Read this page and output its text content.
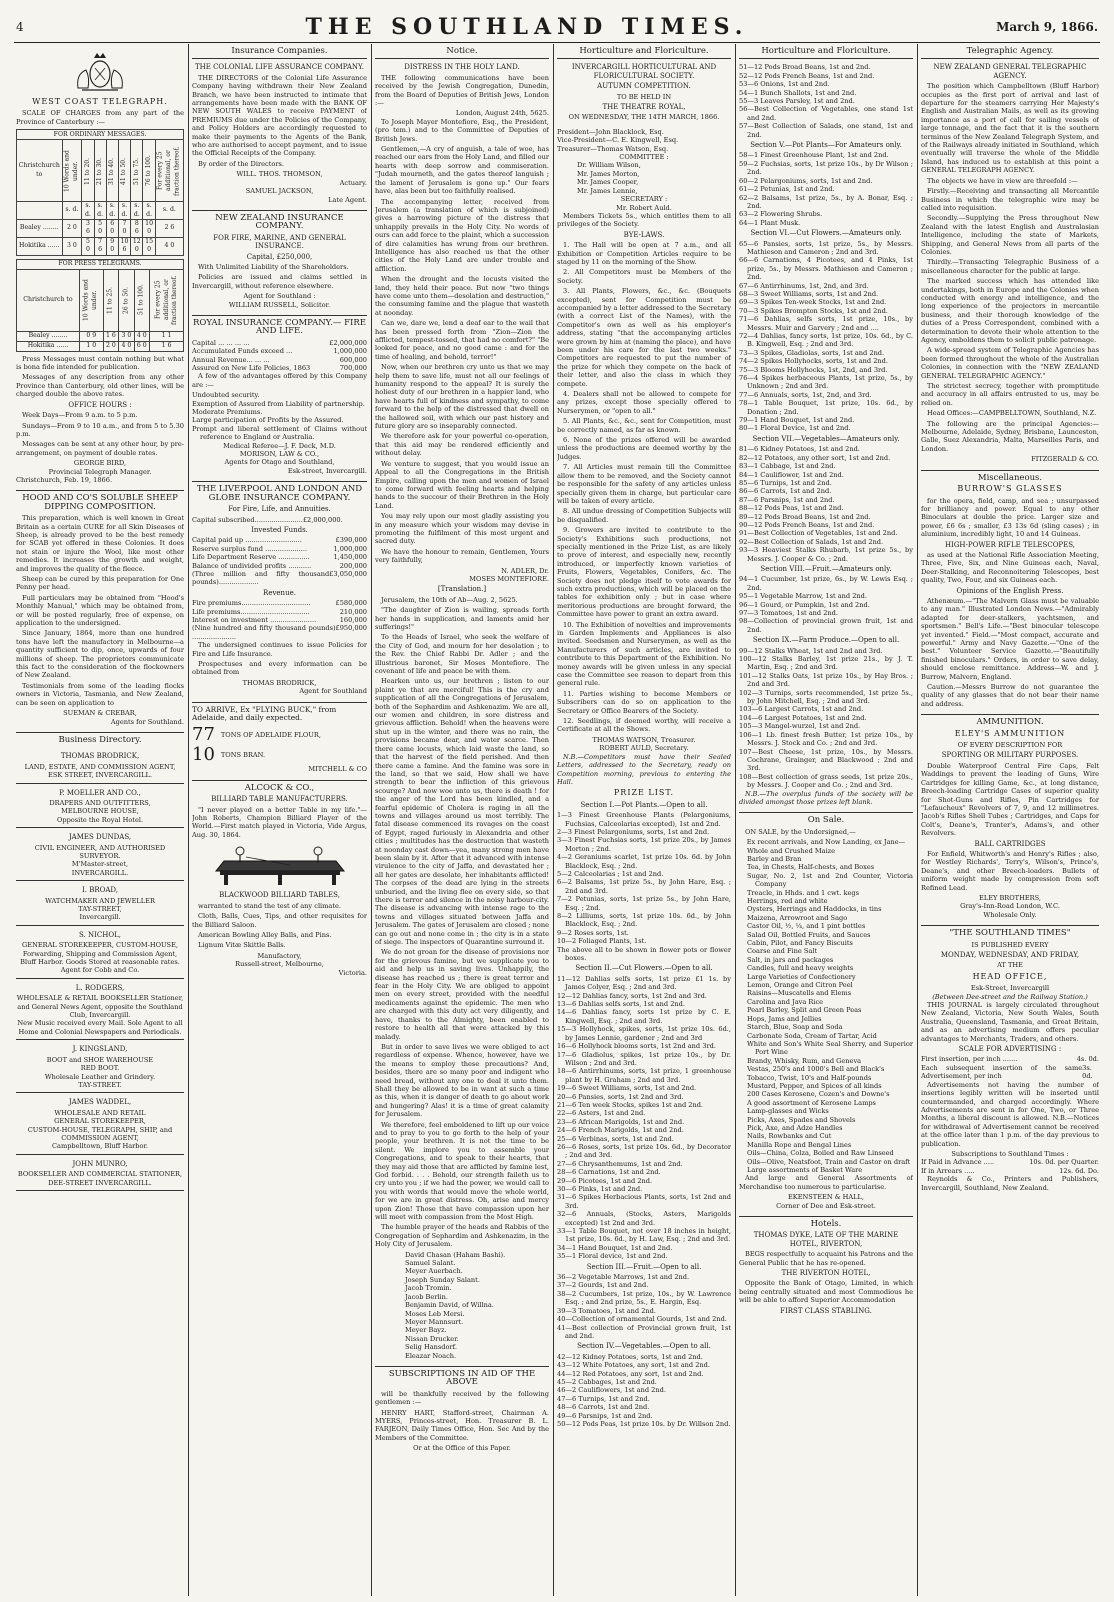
4	THE SOUTHLAND TIMES.	March 9, 1866.
WEST COAST TELEGRAPH.

SCALE OF CHARGES from any part of the Province of Canterbury :—

FOR ORDINARY MESSAGES.								
Christchurch to	10 Words and under.	11 to 20.	21 to 30.	31 to 40.	41 to 50.	51 to 75.	76 to 100.	For every 25 additional, or fraction thereof.
	s. d.	s. d.	s. d.	s. d.	s. d.	s. d.	s. d.	s. d.
Bealey ........	2 0	3 6	5 0	6 0	7 0	8 6	10 0	2 6
Hokitika ......	3 0	5 0	7 6	9 0	10 6	12 0	15 0	4 0
FOR PRESS TELEGRAMS.					
Christchurch to	10 Words and under.	11 to 25.	26 to 50.	51 to 100.	For every 25 additional, or fraction thereof.
Bealey ........	0 9	1 6	3 0	4 0	1 1
Hokitika ......	1 0	2 0	4 0	6 0	1 6

Press Messages must contain nothing but what is bona fide intended for publication.

Messages of any description from any other Province than Canterbury, old other lines, will be charged double the above rates.

OFFICE HOURS :

Week Days—From 9 a.m. to 5 p.m.

Sundays—From 9 to 10 a.m., and from 5 to 5.30 p.m.

Messages can be sent at any other hour, by pre-arrangement, on payment of double rates.

GEORGE BIRD,
Provincial Telegraph Manager.
Christchurch, Feb. 19, 1866.
HOOD AND CO'S SOLUBLE SHEEP DIPPING COMPOSITION.

This preparation, which is well known in Great Britain as a certain CURE for all Skin Diseases of Sheep, is already proved to be the best remedy for SCAB yet offered in these Colonies. It does not stain or injure the Wool, like most other remedies. It increases the growth and weight, and improves the quality of the fleece.

Sheep can be cured by this preparation for One Penny per head.

Full particulars may be obtained from "Hood's Monthly Manual," which may be obtained from, or will be posted regularly, free of expense, on application to the undersigned.

Since January, 1864, more than one hundred tons have left the manufactory in Melbourne—a quantity sufficient to dip, once, upwards of four millions of sheep. The proprietors communicate this fact to the consideration of the flockowners of New Zealand.

Testimonials from some of the leading flocks owners in Victoria, Tasmania, and New Zealand, can be seen on application to

SUEMAN & CREBAR,
Agents for Southland.
Business Directory.
THOMAS BRODRICK,
LAND, ESTATE, AND COMMISSION AGENT,
ESK STREET, INVERCARGILL.
P. MOELLER AND CO.,
DRAPERS AND OUTFITTERS,
MELBOURNE HOUSE,
Opposite the Royal Hotel.
JAMES DUNDAS,
CIVIL ENGINEER, AND AUTHORISED SURVEYOR.
M'Master-street,
INVERCARGILL.
I. BROAD,
WATCHMAKER AND JEWELLER
TAY-STREET,
Invercargill.
S. NICHOL,
GENERAL STOREKEEPER, CUSTOM-HOUSE, Forwarding, Shipping and Commission Agent, Bluff Harbor. Goods Stored at reasonable rates. Agent for Cobb and Co.
L. RODGERS,
WHOLESALE & RETAIL BOOKSELLER Stationer, and General News Agent, opposite the Southland Club, Invercargill.
New Music received every Mail. Sole Agent to all Home and Colonial Newspapers and Periodicals.
J. KINGSLAND,
BOOT and SHOE WAREHOUSE
RED BOOT.
Wholesale Leather and Grindery.
TAY-STREET.
JAMES WADDEL,
WHOLESALE AND RETAIL
GENERAL STOREKEEPER,
CUSTOM-HOUSE, TELEGRAPH, SHIP, and COMMISSION AGENT,
Campbelltown, Bluff Harbor.
JOHN MUNRO,
BOOKSELLER AND COMMERCIAL STATIONER,
DEE-STREET INVERCARGILL.
Insurance Companies.
THE COLONIAL LIFE ASSURANCE COMPANY.

THE DIRECTORS of the Colonial Life Assurance Company having withdrawn their New Zealand Branch, we have been instructed to intimate that arrangements have been made with the BANK OF NEW SOUTH WALES to receive PAYMENT of PREMIUMS due under the Policies of the Company, and Policy Holders are accordingly requested to make their payments to the Agents of the Bank, who are authorised to accept payment, and to issue the Official Receipts of the Company.

By order of the Directors.

WILL. THOS. THOMSON,
Actuary.
SAMUEL JACKSON,
Late Agent.
NEW ZEALAND INSURANCE COMPANY.
FOR FIRE, MARINE, AND GENERAL INSURANCE.
Capital, £250,000,

With Unlimited Liability of the Shareholders.

Policies are issued and claims settled in Invercargill, without reference elsewhere.

Agent for Southland :
WILLIAM RUSSELL, Solicitor.
ROYAL INSURANCE COMPANY.— FIRE AND LIFE.
Capital ... ... ... ...	£2,000,000
Accumulated Funds exceed ...	1,000,000
Annual Revenue... ... ...	600,000
Assured on New Life Policies, 1863	700,000

A few of the advantages offered by this Company are :—

Undoubted security.
Exemption of Assured from Liability of partnership.
Moderate Premiums.
Large participation of Profits by the Assured.
Prompt and liberal settlement of Claims without reference to England or Australia.
Medical Referee—J. F. Deck, M.D.
MORISON, LAW & CO.,
Agents for Otago and Southland,
Esk-street, Invercargill.
THE LIVERPOOL AND LONDON AND GLOBE INSURANCE COMPANY.
For Fire, Life, and Annuities.
Capital subscribed.......................£2,000,000.
Invested Funds.
Capital paid up ...........................	£390,000
Reserve surplus fund ....................	1,000,000
Life Department Reserve ...............	1,450,000
Balance of undivided profits ...........	200,000
(Three million and fifty thousand pounds)...................
£3,050,000
Revenue.
Fire premiums.................................	£580,000
Life premiums.................................	210,000
Interest on investment ......................	160,000
(Nine hundred and fifty thousand pounds) .....................
£950,000

The undersigned continues to issue Policies for Fire and Life Insurance.

Prospectuses and every information can be obtained from

THOMAS BRODRICK,
Agent for Southland
TO ARRIVE, Ex "FLYING BUCK," from Adelaide, and daily expected.
77 TONS OF ADELAIDE FLOUR,
10 TONS BRAN.
MITCHELL & CO
ALCOCK & CO.,
BILLIARD TABLE MANUFACTURERS.

"I never played on a better Table in my life."—John Roberts, Champion Billiard Player of the World.—First match played in Victoria, Vide Argus, Aug. 30, 1864.

BLACKWOOD BILLIARD TABLES,

warranted to stand the test of any climate.

Cloth, Balls, Cues, Tips, and other requisites for the Billiard Saloon.

American Bowling Alley Balls, and Pins.

Lignum Vitæ Skittle Balls.

Manufactory,
Russell-street, Melbourne,
Victoria.
Notice.
DISTRESS IN THE HOLY LAND.

THE following communications have been received by the Jewish Congregation, Dunedin, from the Board of Deputies of British Jews, London :—

London, August 24th, 5625.

To Joseph Mayer Montefiore, Esq., the President, (pro tem.) and to the Committee of Deputies of British Jews.

Gentlemen,—A cry of anguish, a tale of woe, has reached our ears from the Holy Land, and filled our hearts with deep sorrow and commiseration. "Judah mourneth, and the gates thereof languish ; the lament of Jerusalem is gone up." Our fears have, alas been but too faithfully realised.

The accompanying letter, received from Jerusalem (a translation of which is subjoined) gives a harrowing picture of the distress that unhappily prevails in the Holy City. No words of ours can add force to the plaint, which a succession of dire calamities has wrung from our brethren. Intelligence has also reached us that the other cities of the Holy Land are under trouble and affliction.

When the drought and the locusts visited the land, they held their peace. But now "two things have come unto them—desolation and destruction," the consuming famine and the plague that wasteth at noonday.

Can we, dare we, lend a deaf ear to the wail that has been pressed forth from "Zion—Zion the afflicted, tempest-tossed, that had no comfort?" "Be looked for peace, and no good came : and for the time of healing, and behold, terror!"

Now, when our brethren cry unto us that we may help them to save life, must not all our feelings of humanity respond to the appeal? It is surely the holiest duty of our brethren in a happier land, who have hearts full of kindness and sympathy, to come forward to the help of the distressed that dwell on the hallowed soil, with which our past history and future glory are so inseparably connected.

We therefore ask for your powerful co-operation, that this aid may be rendered efficiently and without delay.

We venture to suggest, that you would issue an Appeal to all the Congregations in the British Empire, calling upon the men and women of Israel to come forward with feeling hearts and helping hands to the succour of their Brethren in the Holy Land.

You may rely upon our most gladly assisting you in any measure which your wisdom may devise in promoting the fulfilment of this most urgent and sacred duty.

We have the honour to remain, Gentlemen, Yours very faithfully,

N. ADLER, Dr.
MOSES MONTEFIORE.
[Translation.]

Jerusalem, the 10th of Ab—Aug. 2, 5625.

"The daughter of Zion is wailing, spreads forth her hands in supplication, and laments amid her sufferings!"

To the Heads of Israel, who seek the welfare of the City of God, and mourn for her desolation ; to the Rev. the Chief Rabbi Dr. Adler ; and the illustrious baronet, Sir Moses Montefiore. The covenant of life and peace be with them.

Hearken unto us, our brethren ; listen to our plaint ye that are merciful! This is the cry and supplication of all the Congregations of Jerusalem, both of the Sephardim and Ashkenazim. We are all, our women and children, in sore distress and grievous affliction. Behold! when the heavens were shut up in the winter, and there was no rain, the provisions became dear, and water scarce. Then there came locusts, which laid waste the land, so that the harvest of the field perished. And then there came a famine. And the famine was sore in the land, so that we said, How shall we have strength to bear the infliction of this grievous scourge? And now woe unto us, there is death ! for the anger of the Lord has been kindled, and a fearful epidemic of Cholera is raging in all the towns and villages around us most terribly. The fatal disease commenced its ravages on the coast of Egypt, raged furiously in Alexandria and other cities ; multitudes has the destruction that wasteth at noonday cast down—yea, many strong men have been slain by it. After that it advanced with intense virulence to the city of Jaffa, and devastated her ; all her gates are desolate, her inhabitants afflicted! The corpses of the dead are lying in the streets unburied, and the living flee on every side, so that there is terror and silence in the noisy harbour-city. The disease is advancing with intense rage to the towns and villages situated between Jaffa and Jerusalem. The gates of Jerusalem are closed ; none can go out and none come in ; the city is in a state of siege. The inspectors of Quarantine surround it.

We do not groan for the disease of provisions nor for the grievous famine, but we supplicate you to aid and help us in saving lives. Unhappily, the disease has reached us ; there is great terror and fear in the Holy City. We are obliged to appoint men on every street, provided with the needful medicaments against the epidemic. The men who are charged with this duty act very diligently, and have, thanks to the Almighty, been enabled to restore to health all that were attacked by this malady.

But in order to save lives we were obliged to act regardless of expense. Whence, however, have we the means to employ these precautions? And, besides, there are so many poor and indigent who need bread, without any one to deal it unto them. Shall they be allowed to be in want at such a time as this, when it is danger of death to go about work and hungering? Alas! it is a time of great calamity for Jerusalem.

We therefore, feel emboldened to lift up our voice and to pray to you to go forth to the help of your people, your brethren. It is not the time to be silent. We implore you to assemble your Congregations, and to speak to their hearts, that they may aid those that are afflicted by famine lest, God forbid. . . . Behold, our strength faileth us to cry unto you ; if we had the power, we would call to you with words that would move the whole world, for we are in great distress. Oh, arise and mercy upon Zion! Those that have compassion upon her will meet with compassion from the Most High.

The humble prayer of the heads and Rabbis of the Congregation of Sephardim and Ashkenazim, in the Holy City of Jerusalem.

David Chasan (Haham Bashi).
Samuel Salant.
Meyer Auerbach.
Joseph Sunday Salant.
Jacob Tromin.
Jacob Berlin.
Benjamin David, of Willna.
Moses Leb Mersi.
Meyer Mannsurt.
Meyer Bayz.
Nissan Drucker.
Selig Hansdorf.
Eleazar Noach.
SUBSCRIPTIONS IN AID OF THE ABOVE

will be thankfully received by the following gentlemen :—

HENRY HART, Stafford-street, Chairman A. MYERS, Princes-street, Hon. Treasurer B. L. FARJEON, Daily Times Office, Hon. Sec And by the Members of the Committee.

Or at the Office of this Paper.
Horticulture and Floriculture.
INVERCARGILL HORTICULTURAL AND FLORICULTURAL SOCIETY.
AUTUMN COMPETITION.
TO BE HELD IN
THE THEATRE ROYAL,
ON WEDNESDAY, THE 14TH MARCH, 1866.
President—John Blacklock, Esq.
Vice-President—C. E. Kingwell, Esq.
Treasurer—Thomas Watson, Esq.
COMMITTEE :
Dr. William Wilson,
Mr. James Morton,
Mr. James Cooper,
Mr. James Lennie,
SECRETARY :
Mr. Robert Auld.

Members Tickets 5s., which entitles them to all privileges of the Society.

BYE-LAWS.

1. The Hall will be open at 7 a.m., and all Exhibition or Competition Articles require to be staged by 11 on the morning of the Show.

2. All Competitors must be Members of the Society.

3. All Plants, Flowers, &c., &c. (Bouquets excepted), sent for Competition must be accompanied by a letter addressed to the Secretary (with a correct List of the Names), with the Competitor's own as well as his employer's address, stating "that the accompanying articles were grown by him at (naming the place), and have been under his care for the last two weeks." Competitors are requested to put the number of the prize for which they compete on the back of their letter, and also the class in which they compete.

4. Dealers shall not be allowed to compete for any prizes, except those specially offered to Nurserymen, or "open to all."

5. All Plants, &c., &c., sent for Competition, must be correctly named, as far as known.

6. None of the prizes offered will be awarded unless the productions are deemed worthy by the Judges.

7. All Articles must remain till the Committee allow them to be removed, and the Society cannot be responsible for the safety of any articles unless specially given them in charge, but particular care will be taken of every article.

8. All undue dressing of Competition Subjects will be disqualified.

9. Growers are invited to contribute to the Society's Exhibitions such productions, not specially mentioned in the Prize List, as are likely to prove of interest, and especially new, recently introduced, or imperfectly known varieties of Fruits, Flowers, Vegetables, Conifers, &c. The Society does not pledge itself to vote awards for such extra productions, which will be placed on the tables for exhibition only ; but in case where meritorious productions are brought forward, the Committee have power to grant an extra award.

10. The Exhibition of novelties and improvements in Garden Implements and Appliances is also invited. Seedsmen and Nurserymen, as well as the Manufacturers of such articles, are invited to contribute to this Department of the Exhibition. No money awards will be given unless in any special case the Committee see reason to depart from this general rule.

11. Parties wishing to become Members or Subscribers can do so on application to the Secretary or Office Bearers of the Society.

12. Seedlings, if deemed worthy, will receive a Certificate at all the Shows.

THOMAS WATSON, Treasurer.
ROBERT AULD, Secretary.

N.B.—Competitors must have their Sealed Letters, addressed to the Secretary, ready on Competition morning, previous to entering the Hall.

PRIZE LIST.
Section I.—Pot Plants.—Open to all.
1—3 Finest Greenhouse Plants (Pelargoniums, Fuchsias, Calceolarias excepted), 1st and 2nd.
2—3 Finest Pelargoniums, sorts, 1st and 2nd.
3—3 Finest Fuchsias sorts, 1st prize 20s., by James Morton ; 2nd.
4—2 Geraniums scarlet, 1st prize 10s. 6d. by John Blacklock, Esq. ; 2nd.
5—2 Calceolarias ; 1st and 2nd.
6—2 Balsams, 1st prize 5s., by John Hare, Esq. ; 2nd and 3rd.
7—2 Petunias, sorts, 1st prize 5s., by John Hare, Esq. ; 2nd.
8—2 Lilliums, sorts, 1st prize 10s. 6d., by John Blacklock, Esq. ; 2nd.
9—2 Roses sorts, 1st.
10—2 Foliaged Plants, 1st.
The above all to be shown in flower pots or flower boxes.
Section II.—Cut Flowers.—Open to all.
11—12 Dahlias selfs sorts, 1st prize £1 1s. by James Colyer, Esq. ; 2nd and 3rd.
12—12 Dahlias fancy, sorts, 1st 2nd and 3rd.
13—6 Dahlias selfs sorts, 1st and 2nd.
14—6 Dahlias fancy, sorts 1st prize by C. E. Kingwell, Esq. ; 2nd and 3rd.
15—3 Hollyhock, spikes, sorts, 1st prize 10s. 6d., by James Lennie, gardener ; 2nd and 3rd
16—6 Hollyhock blooms sorts, 1st 2nd and 3rd.
17—6 Gladiolus, spikes, 1st prize 10s., by Dr. Wilson ; 2nd and 3rd.
18—6 Antirrhinums, sorts, 1st prize, 1 greenhouse plant by H. Graham ; 2nd and 3rd.
19—6 Sweet Williams, sorts, 1st and 2nd.
20—6 Pansies, sorts, 1st 2nd and 3rd.
21—6 Ten week Stocks, spikes 1st and 2nd.
22—6 Asters, 1st and 2nd.
23—6 African Marigolds, 1st and 2nd.
24—6 French Marigolds, 1st and 2nd.
25—6 Verbinas, sorts, 1st and 2nd.
26—6 Roses, sorts, 1st prize 10s. 6d., by Decorator ; 2nd and 3rd.
27—6 Chrysanthemums, 1st and 2nd.
28—6 Carnations, 1st and 2nd.
29—6 Picotees, 1st and 2nd.
30—6 Pinks, 1st and 2nd.
31—6 Spikes Herbacious Plants, sorts, 1st 2nd and 3rd.
32—6 Annuals, (Stocks, Asters, Marigolds excepted) 1st 2nd and 3rd.
33—1 Table Bouquet, not over 18 inches in height, 1st prize, 10s. 6d., by H. Law, Esq. ; 2nd and 3rd.
34—1 Hand Bouquet, 1st and 2nd.
35—1 Floral device, 1st and 2nd.
Section III.—Fruit.—Open to all.
36—2 Vegetable Marrows, 1st and 2nd.
37—2 Gourds, 1st and 2nd.
38—2 Cucumbers, 1st prize, 10s., by W. Lawrence Esq. ; and 2nd prize, 5s., E. Hargin, Esq.
39—3 Tomatoes, 1st and 2nd.
40—Collection of ornamental Gourds, 1st and 2nd.
41—Best collection of Provincial grown fruit, 1st and 2nd.
Section IV.—Vegetables.—Open to all.
42—12 Kidney Potatoes, sorts, 1st and 2nd.
43—12 White Potatoes, any sort, 1st and 2nd.
44—12 Red Potatoes, any sort, 1st and 2nd.
45—2 Cabbages, 1st and 2nd.
46—2 Cauliflowers, 1st and 2nd.
47—6 Turnips, 1st and 2nd.
48—6 Carrots, 1st and 2nd.
49—6 Parsnips, 1st and 2nd.
50—12 Pods Peas, 1st prize 10s. by Dr. Willson 2nd.
Horticulture and Floriculture.
51—12 Pods Broad Beans, 1st and 2nd.
52—12 Pods French Beans, 1st and 2nd.
53—6 Onions, 1st and 2nd.
54—1 Bunch Shallots, 1st and 2nd.
55—3 Leaves Parsley, 1st and 2nd.
56—Best Collection of Vegetables, one stand 1st and 2nd.
57—Best Collection of Salads, one stand, 1st and 2nd.
Section V.—Pot Plants—For Amateurs only.
58—1 Finest Greenhouse Plant, 1st and 2nd.
59—2 Fuchsias, sorts, 1st prize 10s., by Dr Wilson ; 2nd.
60—2 Pelargoniums, sorts, 1st and 2nd.
61—2 Petunias, 1st and 2nd.
62—2 Balsams, 1st prize, 5s., by A. Bonar, Esq. ; 2nd.
63—2 Flowering Shrubs.
64—1 Plant Musk.
Section VI.—Cut Flowers.—Amateurs only.
65—6 Pansies, sorts, 1st prize, 5s., by Messrs. Mathieson and Cameron ; 2nd and 3rd.
66—6 Carnations, 4 Picotees, and 4 Pinks, 1st prize, 5s., by Messrs. Mathieson and Cameron ; 2nd.
67—6 Antirrhinums, 1st, 2nd, and 3rd.
68—3 Sweet Williams, sorts, 1st and 2nd.
69—3 Spikes Ten-week Stocks, 1st and 2nd.
70—3 Spikes Brompton Stocks, 1st and 2nd.
71—6 Dahlias, selfs sorts, 1st prize, 10s., by Messrs. Muir and Garvery ; 2nd and ....
72—4 Dahlias, fancy sorts, 1st prize, 10s. 6d., by C. B. Kingwell, Esq. ; 2nd and 3rd.
73—3 Spikes, Gladiolas, sorts, 1st and 2nd.
74—2 Spikes Hollyhocks, sorts, 1st and 2nd.
75—3 Blooms Hollyhocks, 1st, 2nd, and 3rd.
76—4 Spikes herbaceous Plants, 1st prize, 5s., by Unknown ; 2nd and 3rd.
77—6 Annuals, sorts, 1st, 2nd, and 3rd.
78—1 Table Bouquet, 1st prize, 10s. 6d., by Donation ; 2nd.
79—1 Hand Bouquet, 1st and 2nd.
80—1 Floral Device, 1st and 2nd.
Section VII.—Vegetables—Amateurs only.
81—6 Kidney Potatoes, 1st and 2nd.
82—12 Potatoes, any other sort, 1st and 2nd.
83—1 Cabbage, 1st and 2nd.
84—1 Cauliflower, 1st and 2nd.
85—6 Turnips, 1st and 2nd.
86—6 Carrots, 1st and 2nd.
87—6 Parsnips, 1st and 2nd.
88—12 Pods Peas, 1st and 2nd.
89—12 Pods Broad Beans, 1st and 2nd.
90—12 Pods French Beans, 1st and 2nd.
91—Best Collection of Vegetables, 1st and 2nd.
92—Best Collection of Salads, 1st and 2nd.
93—3 Heaviest Stalks Rhubarb, 1st prize 5s., by Messrs. J. Cooper & Co. ; 2nd.
Section VIII.—Fruit.—Amateurs only.
94—1 Cucumber, 1st prize, 6s., by W. Lewis Esq. ; 2nd.
95—1 Vegetable Marrow, 1st and 2nd.
96—1 Gourd, or Pumpkin, 1st and 2nd.
97—3 Tomatoes, 1st and 2nd.
98—Collection of provincial grown fruit, 1st and 2nd.
Section IX.—Farm Produce.—Open to all.
99—12 Stalks Wheat, 1st and 2nd and 3rd.
100—12 Stalks Barley, 1st prize 21s., by J. T. Martin, Esq. ; 2nd and 3rd.
101—12 Stalks Oats, 1st prize 10s., by Hay Bros. ; 2nd and 3rd.
102—3 Turnips, sorts recommended, 1st prize 5s., by John Mitchell, Esq. ; 2nd and 3rd.
103—6 Largest Carrots, 1st and 2nd.
104—6 Largest Potatoes, 1st and 2nd.
105—3 Mangel-wurzel, 1st and 2nd.
106—1 Lb. finest fresh Butter, 1st prize 10s., by Messrs. J. Stock and Co. ; 2nd and 3rd.
107—Best Cheese, 1st prize, 10s., by Messrs. Cochrane, Grainger, and Blackwood ; 2nd and 3rd.
108—Best collection of grass seeds, 1st prize 20s., by Messrs. J. Cooper and Co. ; 2nd and 3rd.

N.B.—The overplus funds of the society will be divided amongst those prizes left blank.

On Sale.

ON SALE, by the Undersigned,—

Ex recent arrivals, and Now Landing, ex Jane—
Whole and Crushed Maize
Barley and Bran
Tea, in Chests, Half-chests, and Boxes
Sugar, No. 2, 1st and 2nd Counter, Victoria Company
Treacle, in Hhds. and 1 cwt. kegs
Herrings, red and white
Oysters, Herrings and Haddocks, in tins
Maizena, Arrowroot and Sago
Castor Oil, ½, ¼, and 1 pint bottles
Salad Oil, Bottled Fruits, and Sauces
Cabin, Pilot, and Fancy Biscuits
Coarse and Fine Salt
Salt, in jars and packages
Candles, full and heavy weights
Large Varieties of Confectionery
Lemon, Orange and Citron Peel
Raisins—Muscatells and Elems
Carolina and Java Rice
Pearl Barley, Split and Green Peas
Hops, Jams and Jellies
Starch, Blue, Soap and Soda
Carbonate Soda, Cream of Tartar, Acid
White and Son's White Seal Sherry, and Superior Port Wine
Brandy, Whisky, Rum, and Geneva
Vestas, 250's and 1000's Bell and Black's
Tobacco, Twist, 10's and Half-pounds
Mustard, Pepper, and Spices of all kinds
200 Cases Kerosene, Cozen's and Downe's
A good assortment of Kerosene Lamps
Lamp-glasses and Wicks
Picks, Axes, Spades and Shovels
Pick, Axe, and Adze Handles
Nails, Rowbanks and Cut
Manilla Rope and Bengal Lines
Oils—China, Colza, Boiled and Raw Linseed
Oils—Olive, Neatsfoot, Train and Castor on draft
Large assortments of Basket Ware

And large and General Assortments of Merchandise too numerous to particularise.

EKENSTEEN & HALL,
Corner of Dee and Esk-street.
Hotels.
THOMAS DYKE, LATE OF THE MARINE HOTEL, RIVERTON,

BEGS respectfully to acquaint his Patrons and the General Public that he has re-opened.

THE RIVERTON HOTEL,

Opposite the Bank of Otago, Limited, in which being centrally situated and most Commodious he will be able to afford Superior Accommodation

FIRST CLASS STABLING.
Telegraphic Agency.
NEW ZEALAND GENERAL TELEGRAPHIC AGENCY.

The position which Campbelltown (Bluff Harbor) occupies as the first port of arrival and last of departure for the steamers carrying Her Majesty's English and Australian Mails, as well as its growing importance as a port of call for sailing vessels of large tonnage, and the fact that it is the southern terminus of the New Zealand Telegraph System, and of the Railways already initiated in Southland, which eventually will traverse the whole of the Middle Island, has induced us to establish at this point a GENERAL TELEGRAPH AGENCY.

The objects we have in view are threefold :—

Firstly.—Receiving and transacting all Mercantile Business in which the telegraphic wire may be called into requisition.

Secondly.—Supplying the Press throughout New Zealand with the latest English and Australasian Intelligence, including the state of Markets, Shipping, and General News from all parts of the Colonies.

Thirdly.—Transacting Telegraphic Business of a miscellaneous character for the public at large.

The marked success which has attended like undertakings, both in Europe and the Colonies when conducted with energy and intelligence, and the long experience of the projectors in mercantile business, and their thorough knowledge of the duties of a Press Correspondent, combined with a determination to devote their whole attention to the Agency, emboldens them to solicit public patronage.

A wide-spread system of Telegraphic Agencies has been formed throughout the whole of the Australian Colonies, in connection with the "NEW ZEALAND GENERAL TELEGRAPHIC AGENCY."

The strictest secrecy, together with promptitude and accuracy in all affairs entrusted to us, may be relied on.

Head Offices:—CAMPBELLTOWN, Southland, N.Z.

The following are the principal Agencies:—Melbourne, Adelaide, Sydney, Brisbane, Launceston, Galle, Suez Alexandria, Malta, Marseilles Paris, and London.

FITZGERALD & CO.
Miscellaneous.
BURROW'S GLASSES

for the opera, field, camp, and sea ; unsurpassed for brilliancy and power. Equal to any other Binoculars at double the price. Larger size and power, £6 6s ; smaller, £3 13s 6d (sling cases) ; in aluminium, incredibly light, 10 and 14 Guineas.

HIGH-POWER RIFLE TELESCOPES,

as used at the National Rifle Association Meeting, Three, Five, Six, and Nine Guineas each, Naval, Deer-Stalking, and Reconnoitering Telescopes, best quality, Two, Four, and six Guineas each.

Opinions of the English Press.

Athenæum.—"The Malvern Glass must be valuable to any man." Illustrated London News.—"Admirably adapted for deer-stalkers, yachtsmen, and sportsmen." Bell's Life.—"Best binocular telescope yet invented." Field.—"Most compact, accurate and powerful." Army and Navy Gazette.—"One of the best." Volunteer Service Gazette.—"Beautifully finished binoculars." Orders, in order to save delay, should enclose remittance. Address—W. and J. Burrow, Malvern, England.

Caution.—Messrs Burrow do not guarantee the quality of any glasses that do not bear their name and address.

AMMUNITION.
ELEY'S AMMUNITION
OF EVERY DESCRIPTION FOR
SPORTING OR MILITARY PURPOSES.

Double Waterproof Central Fire Caps, Felt Waddings to prevent the leading of Guns, Wire Cartridges for killing Game, &c., at long distance, Breech-loading Cartridge Cases of superior quality for Shot-Guns and Rifles, Pin Cartridges for "Lefaucheux" Revolvers of 7, 9, and 12 millimetres. Jacob's Rifles Shell Tubes ; Cartridges, and Caps for Colt's, Deane's, Tranter's, Adams's, and other Revolvers.

BALL CARTRIDGES

For Enfield, Whitworth's and Henry's Rifles ; also, for Westley Richards', Terry's, Wilson's, Prince's, Deane's, and other Breech-loaders. Bullets of uniform weight made by compression from soft Refined Lead.

ELEY BROTHERS,
Gray's-Inn-Road London, W.C.
Wholesale Only.
"THE SOUTHLAND TIMES"
IS PUBLISHED EVERY
MONDAY, WEDNESDAY, AND FRIDAY,
AT THE
HEAD OFFICE,
Esk-Street, Invercargill
(Between Dee-street and the Railway Station.)

THIS JOURNAL is largely circulated throughout New Zealand, Victoria, New South Wales, South Australia, Queensland, Tasmania, and Great Britain, and as an advertising medium offers peculiar advantages to Merchants, Traders, and others.

SCALE FOR ADVERTISING :
First insertion, per inch .......	4s. 0d.
Each subsequent insertion of the same Advertisement, per inch
3s. 0d.

Advertisements not having the number of insertions legibly written will be inserted until countermanded, and charged accordingly. Where Advertisements are sent in for One, Two, or Three Months, a liberal discount is allowed. N.B.—Notices for withdrawal of Advertisement cannot be received at the office later than 1 p.m. of the day previous to publication.

Subscriptions to Southland Times :
If Paid in Advance .....	10s. 0d. per Quarter.
If in Arrears .....	12s. 6d. Do.

Reynolds & Co., Printers and Publishers, Invercargill, Southland, New Zealand.
